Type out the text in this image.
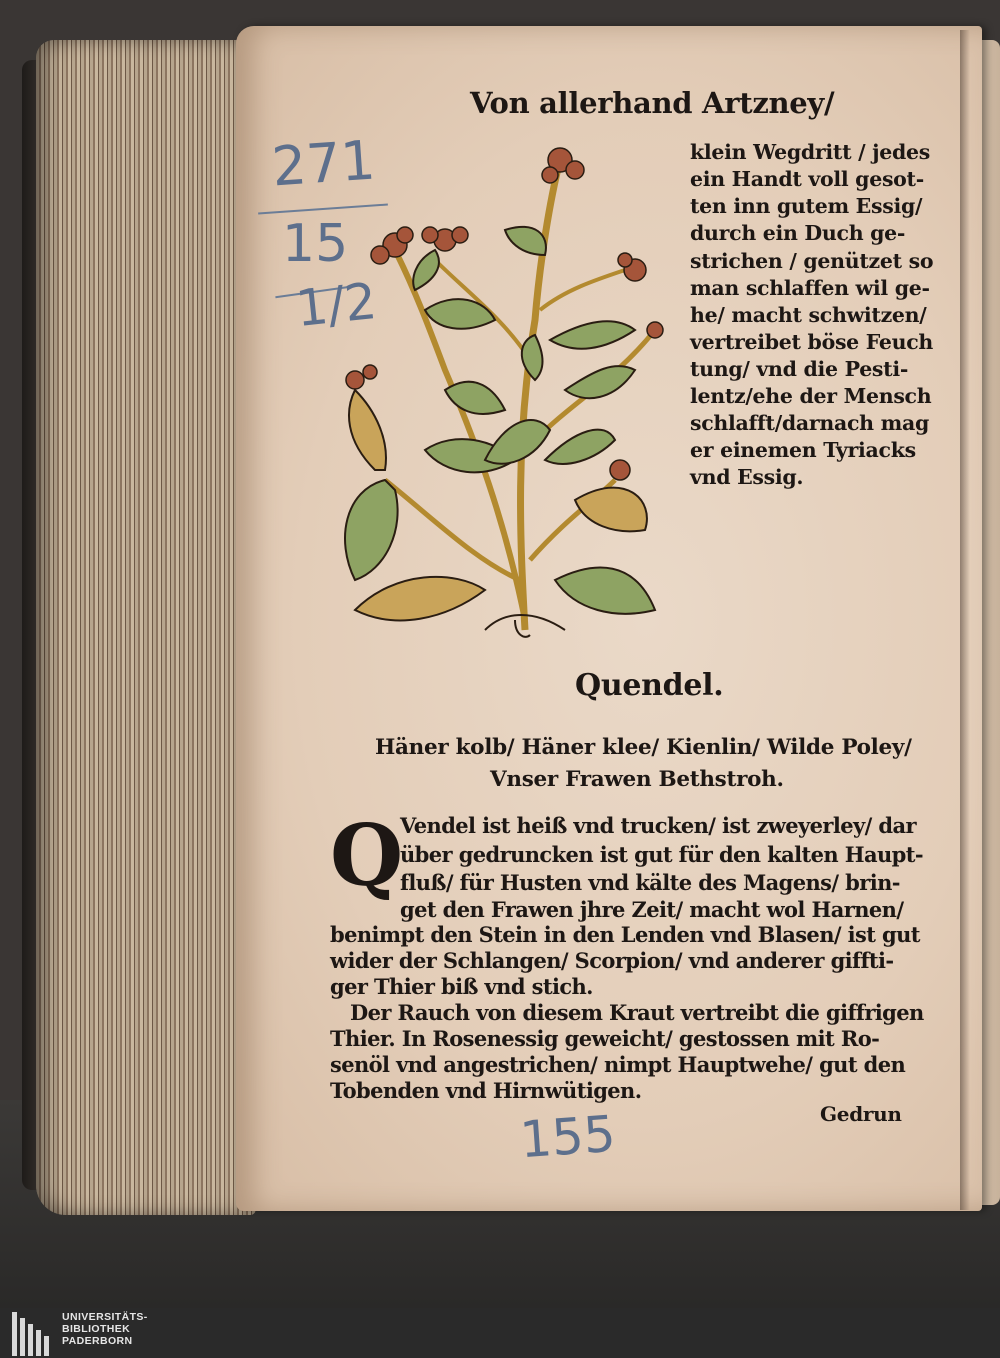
Von allerhand Artzney/
klein Wegdritt / jedes
ein Handt voll gesot-
ten inn gutem Essig/
durch ein Duch ge-
strichen / genützet so
man schlaffen wil ge-
he/ macht schwitzen/
vertreibet böse Feuch
tung/ vnd die Pesti-
lentz/ehe der Mensch
schlafft/darnach mag
er einemen Tyriacks
vnd Essig.
Quendel.
Häner kolb/ Häner klee/ Kienlin/ Wilde Poley/
Vnser Frawen Bethstroh.
Q
Vendel ist heiß vnd trucken/ ist zweyerley/ dar
über gedruncken ist gut für den kalten Haupt-
fluß/ für Husten vnd kälte des Magens/ brin-
get den Frawen jhre Zeit/ macht wol Harnen/
benimpt den Stein in den Lenden vnd Blasen/ ist gut
wider der Schlangen/ Scorpion/ vnd anderer giffti-
ger Thier biß vnd stich.
Der Rauch von diesem Kraut vertreibt die giffrigen
Thier. In Rosenessig geweicht/ gestossen mit Ro-
senöl vnd angestrichen/ nimpt Hauptwehe/ gut den
Tobenden vnd Hirnwütigen.
Gedrun
271
15
1/2
155
UNIVERSITÄTS-
BIBLIOTHEK
PADERBORN
